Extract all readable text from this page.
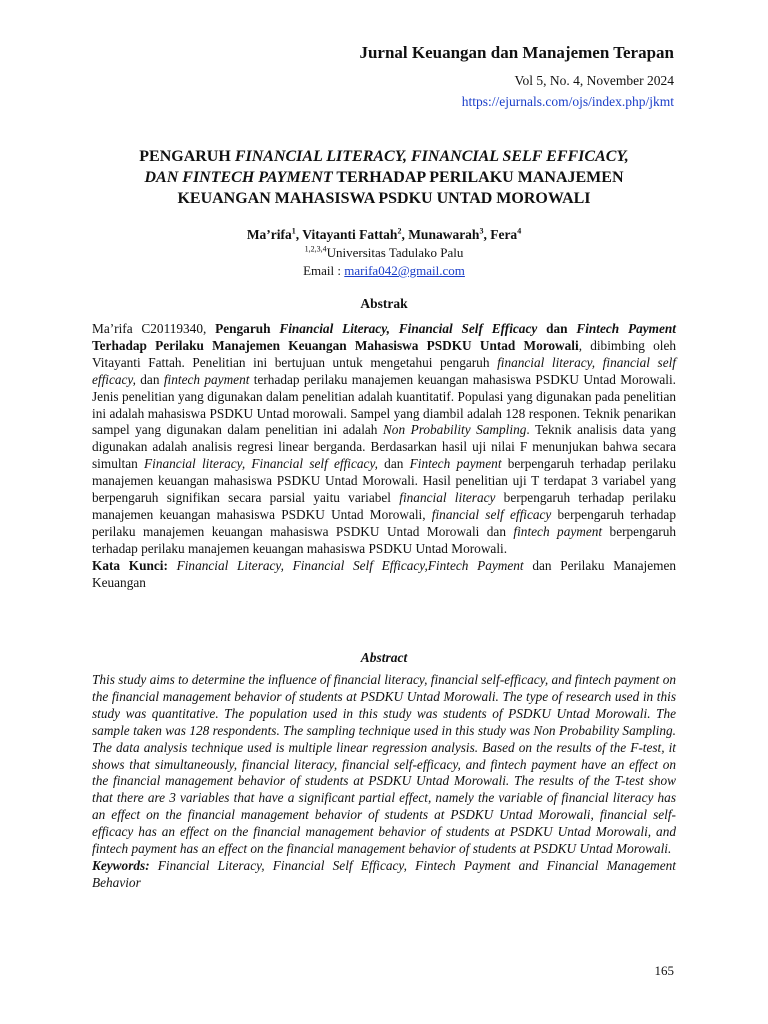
Jurnal Keuangan dan Manajemen Terapan
Vol 5, No. 4, November 2024
https://ejurnals.com/ojs/index.php/jkmt
PENGARUH FINANCIAL LITERACY, FINANCIAL SELF EFFICACY,
DAN FINTECH PAYMENT TERHADAP PERILAKU MANAJEMEN
KEUANGAN MAHASISWA PSDKU UNTAD MOROWALI
Ma’rifa$^1$, Vitayanti Fattah$^2$, Munawarah$^3$, Fera$^4$
$^{1,2,3,4}$Universitas Tadulako Palu
Email : marifa042@gmail.com
Abstrak
Ma’rifa C20119340, Pengaruh Financial Literacy, Financial Self Efficacy dan Fintech Payment Terhadap Perilaku Manajemen Keuangan Mahasiswa PSDKU Untad Morowali, dibimbing oleh Vitayanti Fattah. Penelitian ini bertujuan untuk mengetahui pengaruh financial literacy, financial self efficacy, dan fintech payment terhadap perilaku manajemen keuangan mahasiswa PSDKU Untad Morowali. Jenis penelitian yang digunakan dalam penelitian adalah kuantitatif. Populasi yang digunakan pada penelitian ini adalah mahasiswa PSDKU Untad morowali. Sampel yang diambil adalah 128 responen. Teknik penarikan sampel yang digunakan dalam penelitian ini adalah Non Probability Sampling. Teknik analisis data yang digunakan adalah analisis regresi linear berganda. Berdasarkan hasil uji nilai F menunjukan bahwa secara simultan Financial literacy, Financial self efficacy, dan Fintech payment berpengaruh terhadap perilaku manajemen keuangan mahasiswa PSDKU Untad Morowali. Hasil penelitian uji T terdapat 3 variabel yang berpengaruh signifikan secara parsial yaitu variabel financial literacy berpengaruh terhadap perilaku manajemen keuangan mahasiswa PSDKU Untad Morowali, financial self efficacy berpengaruh terhadap perilaku manajemen keuangan mahasiswa PSDKU Untad Morowali dan fintech payment berpengaruh terhadap perilaku manajemen keuangan mahasiswa PSDKU Untad Morowali.
Kata Kunci: Financial Literacy, Financial Self Efficacy,Fintech Payment dan Perilaku Manajemen Keuangan
Abstract
This study aims to determine the influence of financial literacy, financial self-efficacy, and fintech payment on the financial management behavior of students at PSDKU Untad Morowali. The type of research used in this study was quantitative. The population used in this study was students of PSDKU Untad Morowali. The sample taken was 128 respondents. The sampling technique used in this study was Non Probability Sampling. The data analysis technique used is multiple linear regression analysis. Based on the results of the F-test, it shows that simultaneously, financial literacy, financial self-efficacy, and fintech payment have an effect on the financial management behavior of students at PSDKU Untad Morowali. The results of the T-test show that there are 3 variables that have a significant partial effect, namely the variable of financial literacy has an effect on the financial management behavior of students at PSDKU Untad Morowali, financial self-efficacy has an effect on the financial management behavior of students at PSDKU Untad Morowali, and fintech payment has an effect on the financial management behavior of students at PSDKU Untad Morowali.
Keywords: Financial Literacy, Financial Self Efficacy, Fintech Payment and Financial Management Behavior
165
